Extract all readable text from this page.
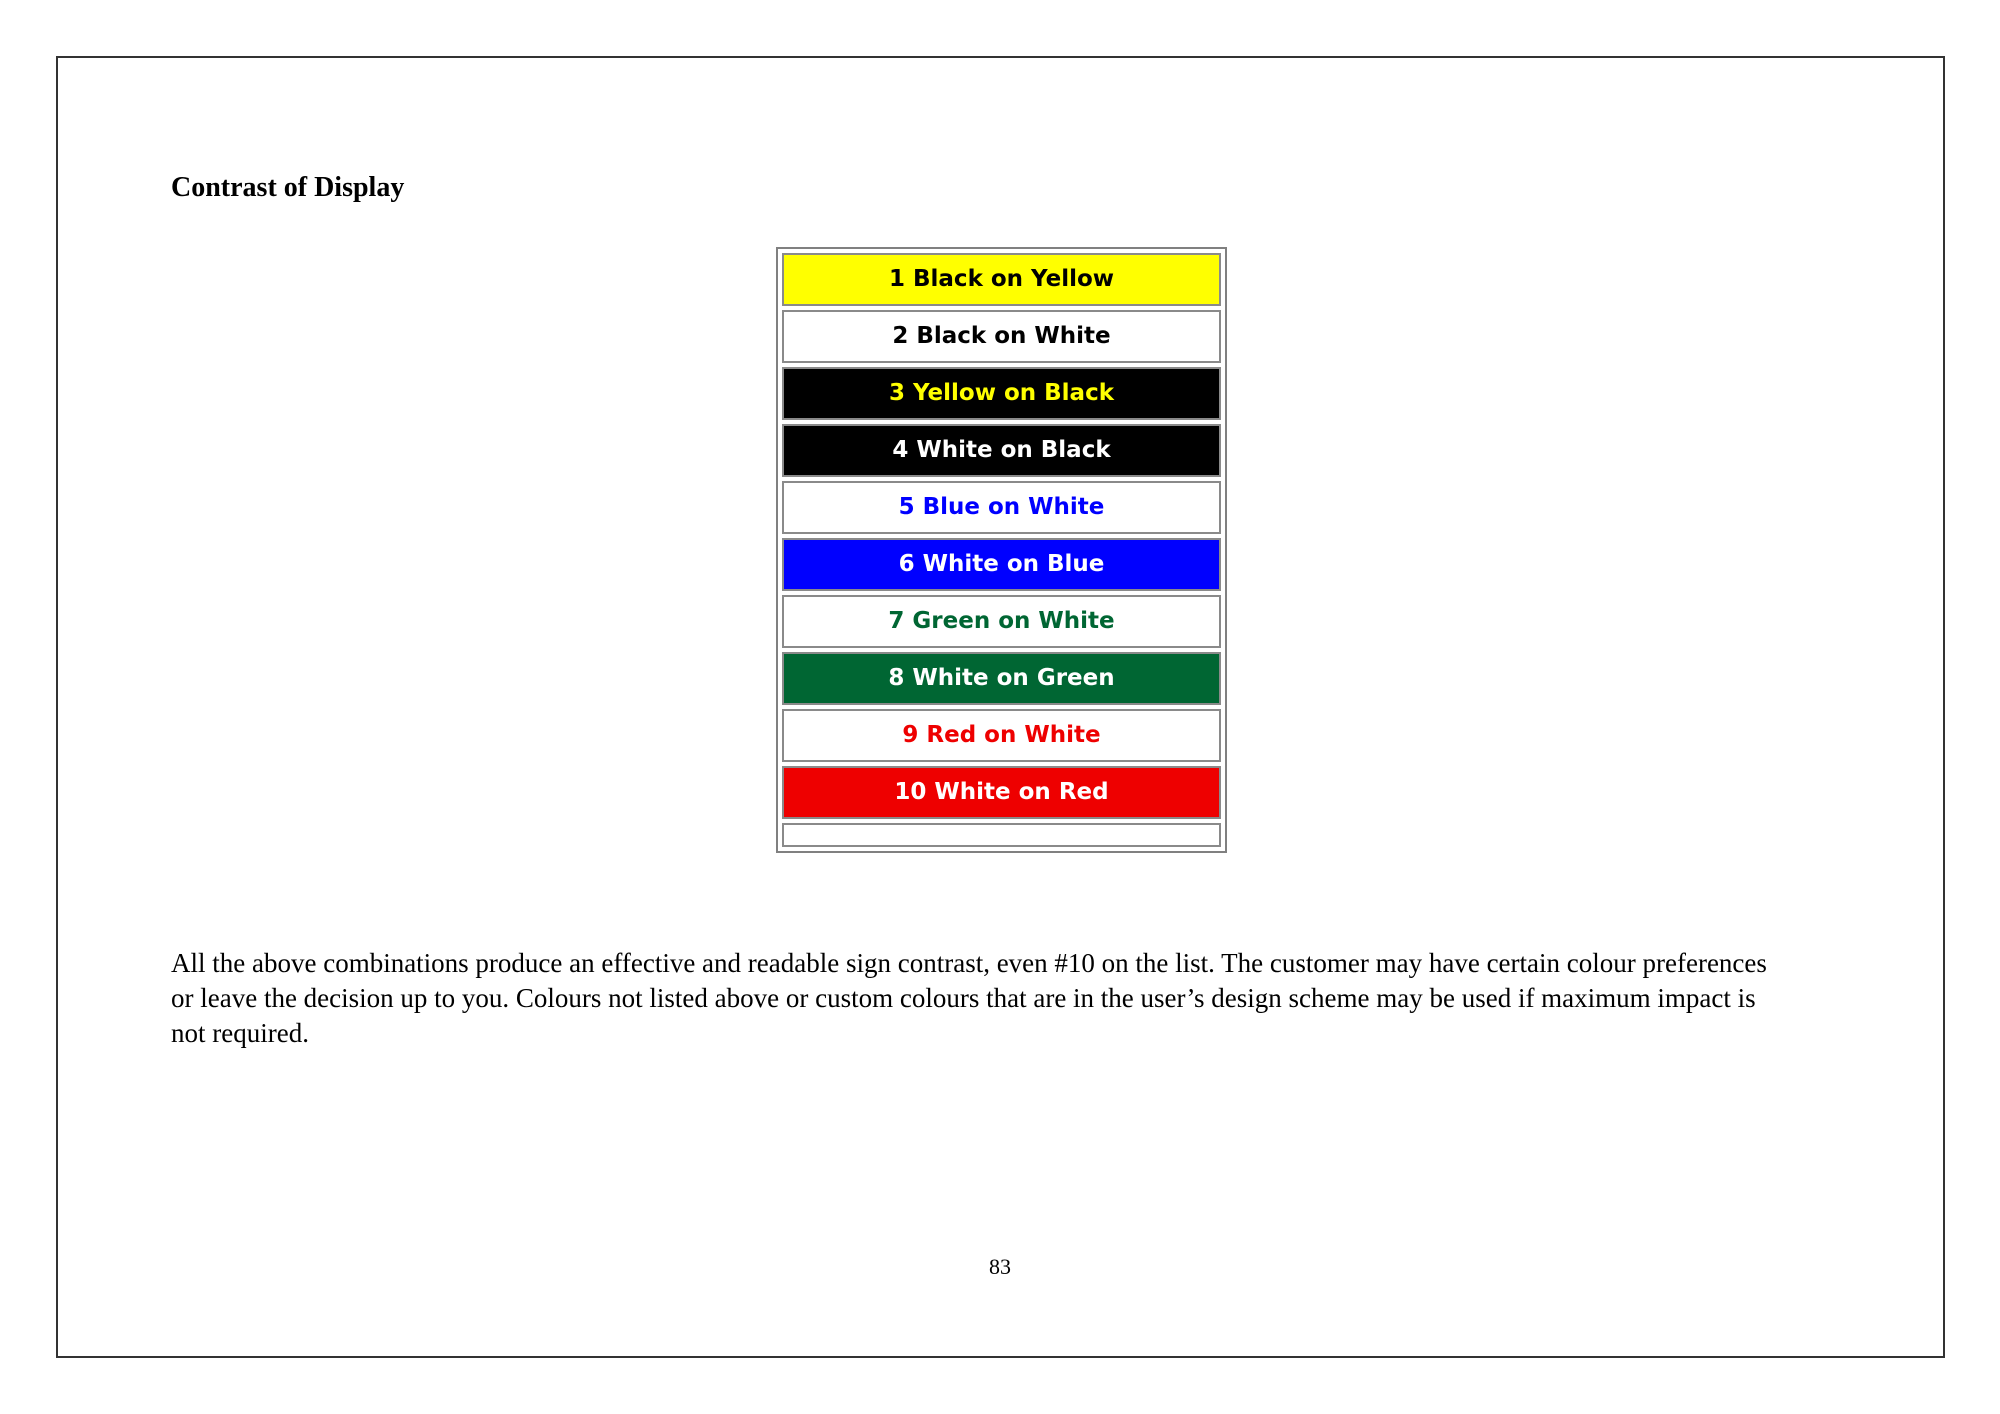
Contrast of Display
1 Black on Yellow
2 Black on White
3 Yellow on Black
4 White on Black
5 Blue on White
6 White on Blue
7 Green on White
8 White on Green
9 Red on White
10 White on Red
All the above combinations produce an effective and readable sign contrast, even #10 on the list. The customer may have certain colour preferences or leave the decision up to you. Colours not listed above or custom colours that are in the user’s design scheme may be used if maximum impact is not required.
83
